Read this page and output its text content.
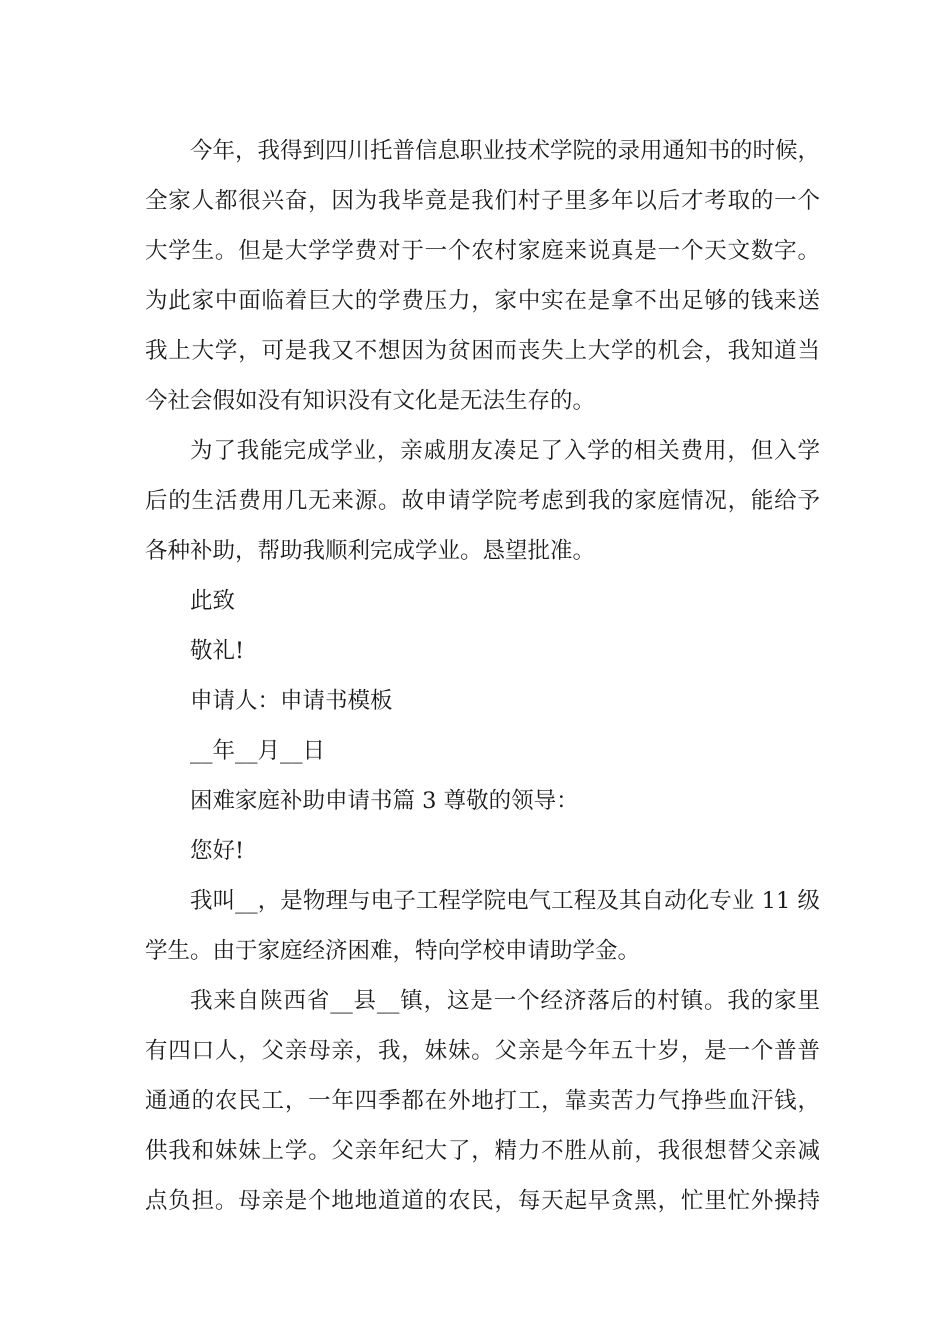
今年，我得到四川托普信息职业技术学院的录用通知书的时候，
全家人都很兴奋，因为我毕竟是我们村子里多年以后才考取的一个
大学生。但是大学学费对于一个农村家庭来说真是一个天文数字。
为此家中面临着巨大的学费压力，家中实在是拿不出足够的钱来送
我上大学，可是我又不想因为贫困而丧失上大学的机会，我知道当
今社会假如没有知识没有文化是无法生存的。
为了我能完成学业，亲戚朋友凑足了入学的相关费用，但入学
后的生活费用几无来源。故申请学院考虑到我的家庭情况，能给予
各种补助，帮助我顺利完成学业。恳望批准。
此致
敬礼!
申请人：申请书模板
__年__月__日
困难家庭补助申请书篇 3 尊敬的领导：
您好!
我叫__，是物理与电子工程学院电气工程及其自动化专业 11 级
学生。由于家庭经济困难，特向学校申请助学金。
我来自陕西省__县__镇，这是一个经济落后的村镇。我的家里
有四口人，父亲母亲，我，妹妹。父亲是今年五十岁，是一个普普
通通的农民工，一年四季都在外地打工，靠卖苦力气挣些血汗钱，
供我和妹妹上学。父亲年纪大了，精力不胜从前，我很想替父亲减
点负担。母亲是个地地道道的农民，每天起早贪黑，忙里忙外操持
